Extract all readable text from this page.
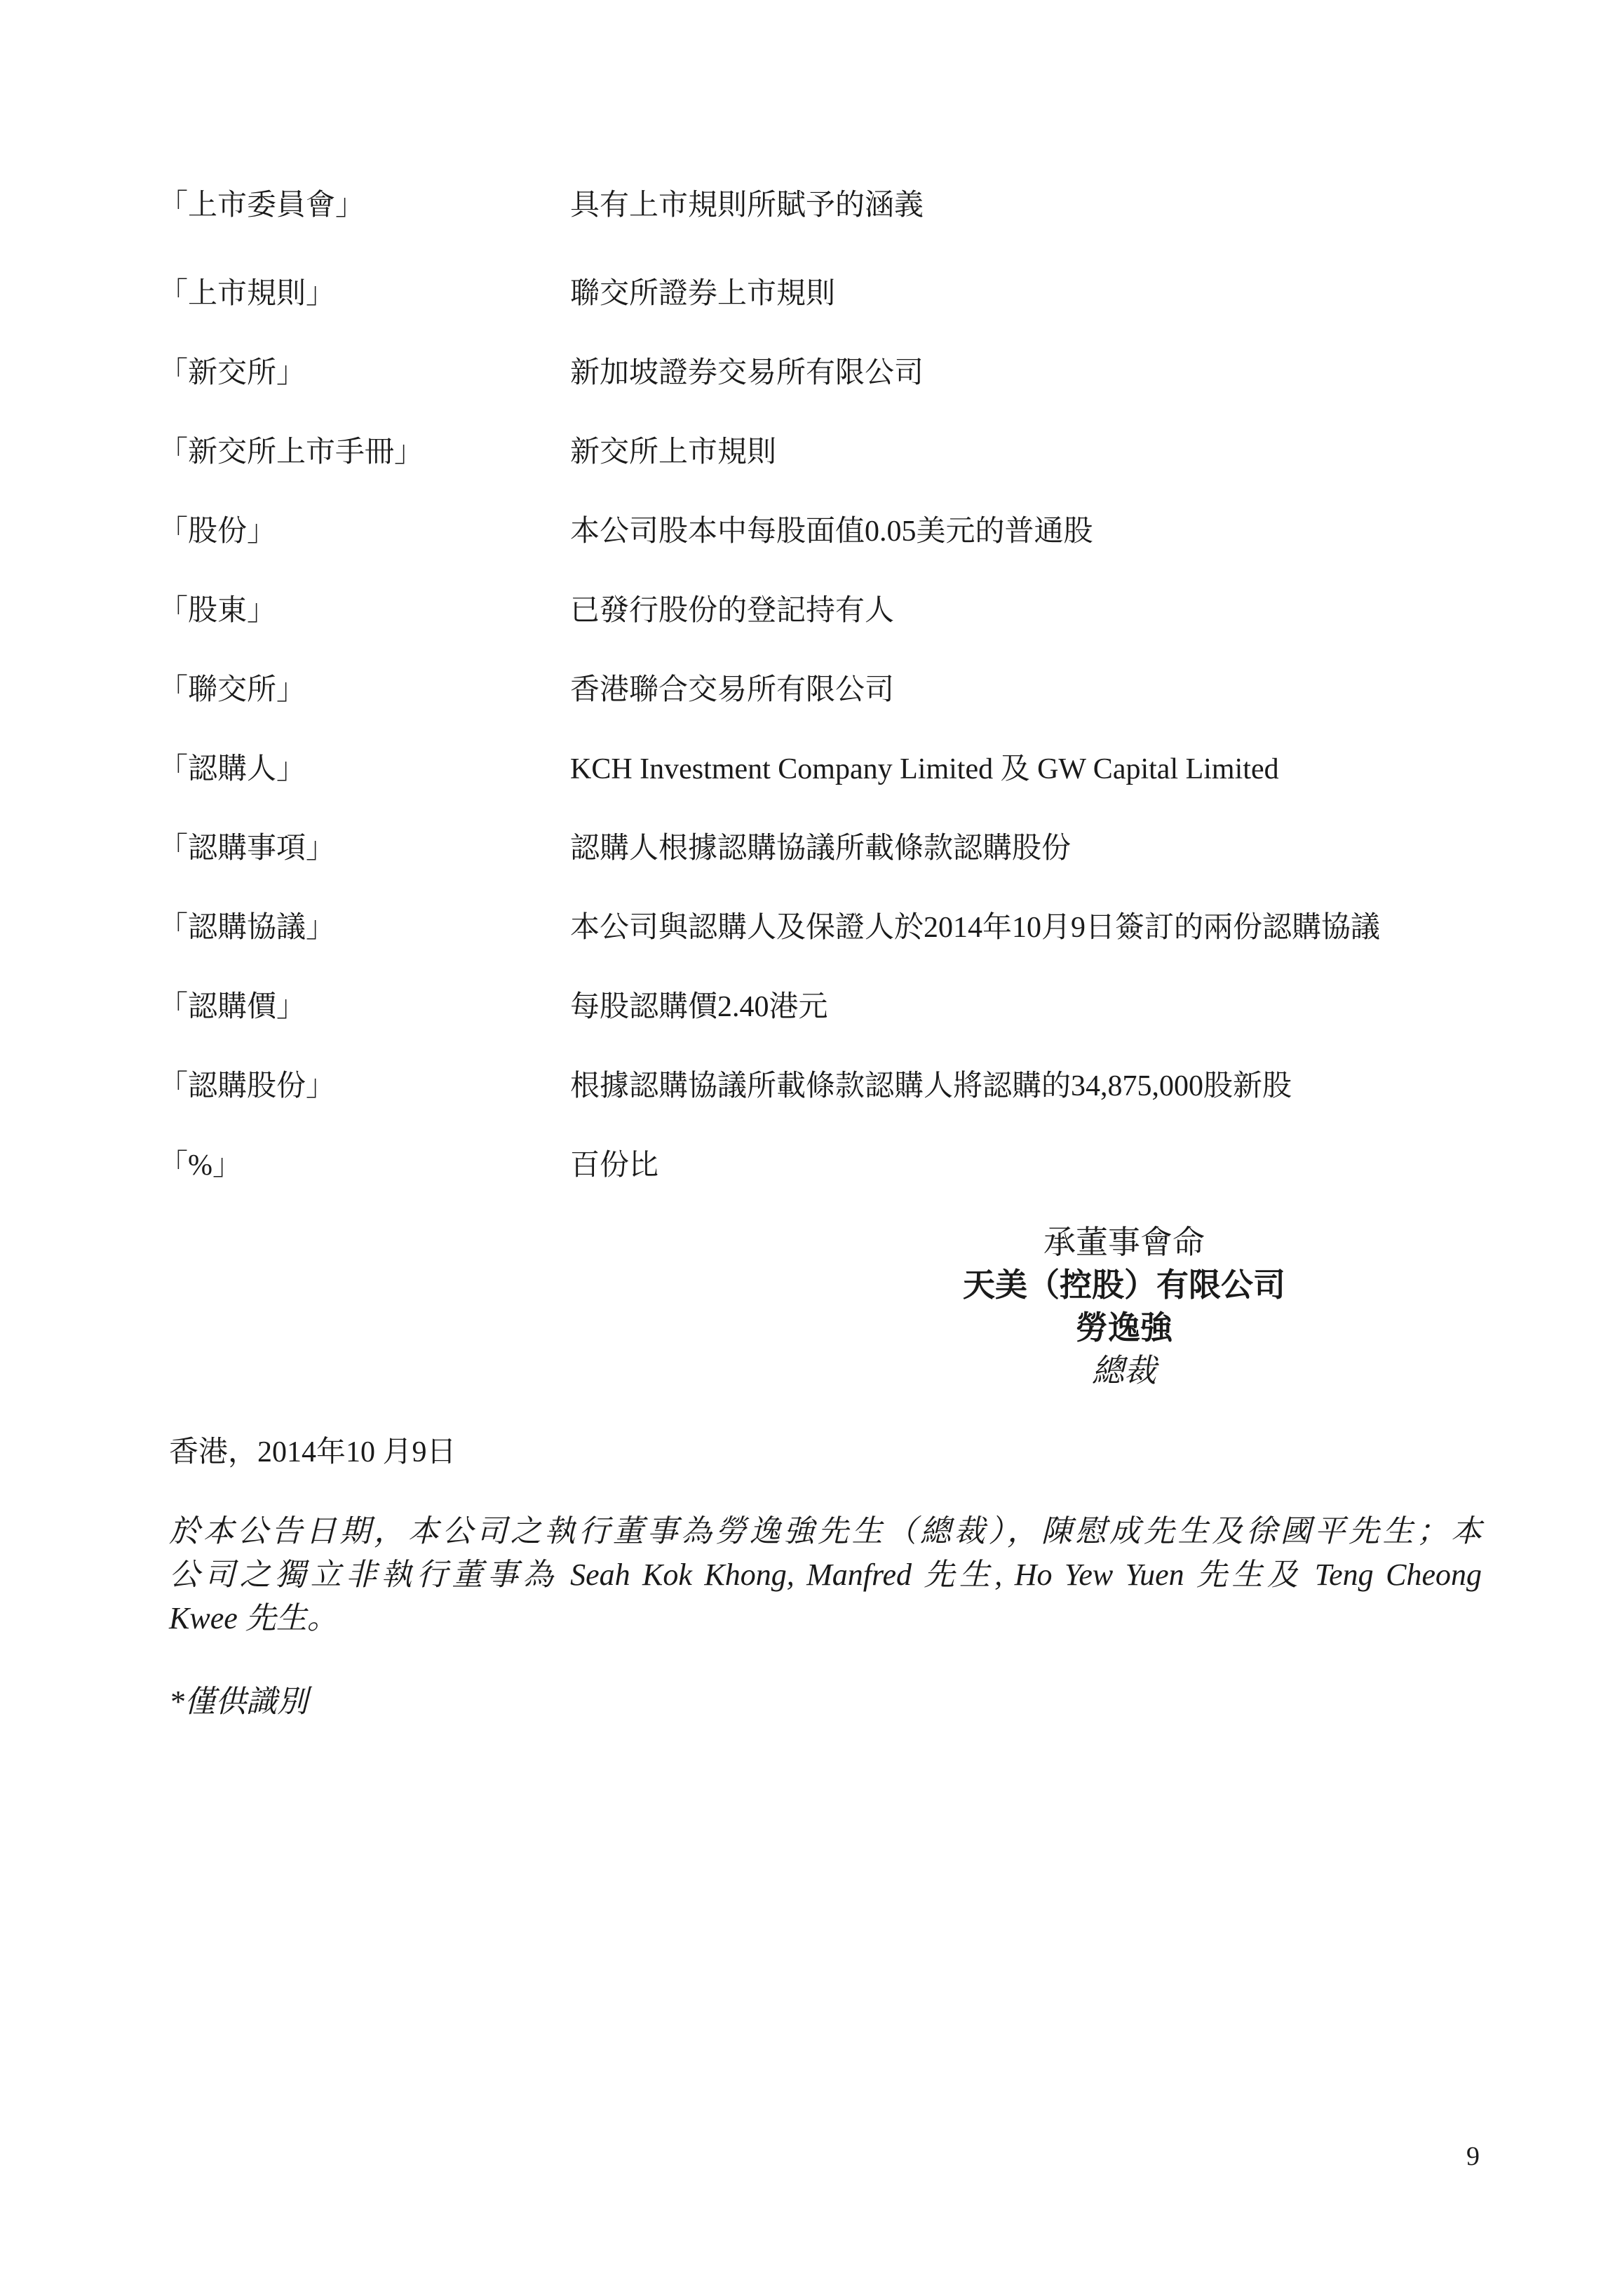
「上市委員會」	具有上市規則所賦予的涵義
「上市規則」	聯交所證券上市規則
「新交所」	新加坡證券交易所有限公司
「新交所上市手冊」	新交所上市規則
「股份」	本公司股本中每股面值0.05美元的普通股
「股東」	已發行股份的登記持有人
「聯交所」	香港聯合交易所有限公司
「認購人」	KCH Investment Company Limited 及 GW Capital Limited
「認購事項」	認購人根據認購協議所載條款認購股份
「認購協議」	本公司與認購人及保證人於2014年10月9日簽訂的兩份認購協議
「認購價」	每股認購價2.40港元
「認購股份」	根據認購協議所載條款認購人將認購的34,875,000股新股
「%」	百份比
承董事會命
天美（控股）有限公司
勞逸強
總裁
香港，2014年10 月9日
於本公告日期，本公司之執行董事為勞逸強先生（總裁），陳慰成先生及徐國平先生；本
公司之獨立非執行董事為 Seah Kok Khong, Manfred 先生, Ho Yew Yuen 先生及 Teng Cheong
Kwee 先生。
*僅供識別
9
